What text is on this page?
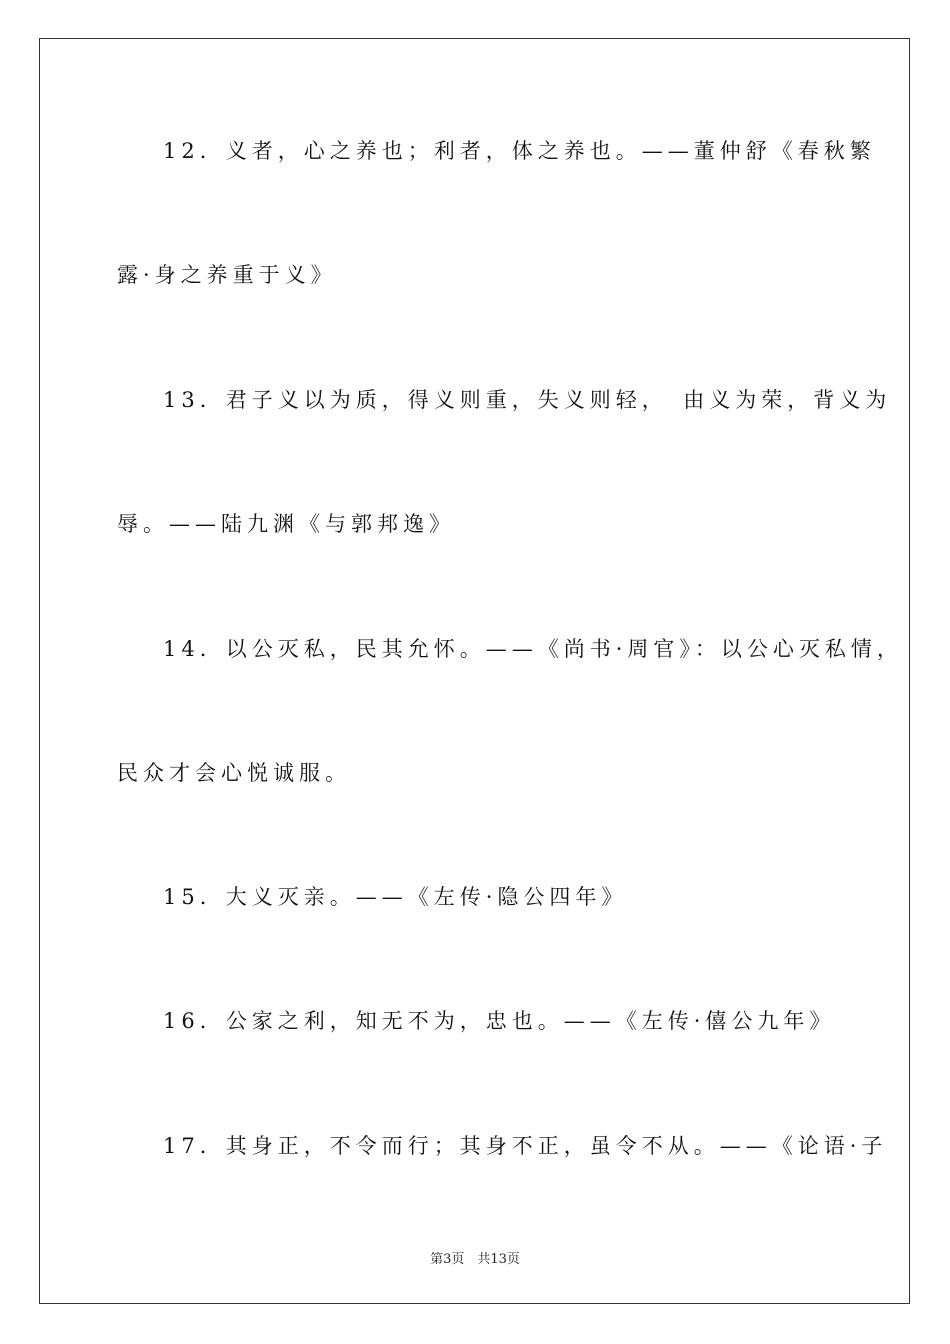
12．义者，心之养也；利者，体之养也。——董仲舒《春秋繁
露·身之养重于义》
13．君子义以为质，得义则重，失义则轻，　由义为荣，背义为
辱。——陆九渊《与郭邦逸》
14．以公灭私，民其允怀。——《尚书·周官》：以公心灭私情，
民众才会心悦诚服。
15．大义灭亲。——《左传·隐公四年》
16．公家之利，知无不为，忠也。——《左传·僖公九年》
17．其身正，不令而行；其身不正，虽令不从。——《论语·子
第3页　共13页
